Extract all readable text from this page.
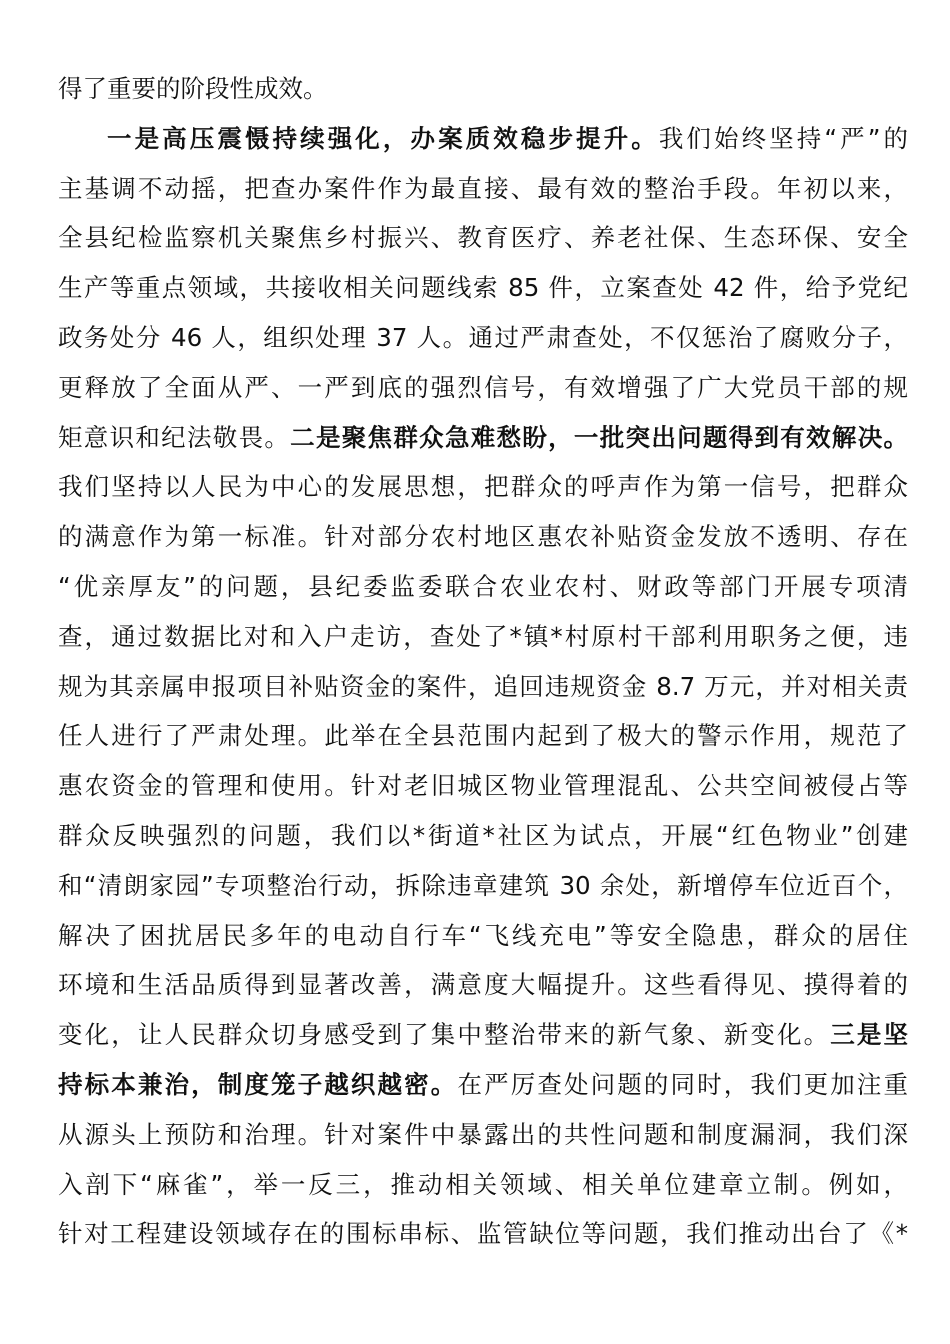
得了重要的阶段性成效。
一是高压震慑持续强化，办案质效稳步提升。我们始终坚持“严”的
主基调不动摇，把查办案件作为最直接、最有效的整治手段。年初以来，
全县纪检监察机关聚焦乡村振兴、教育医疗、养老社保、生态环保、安全
生产等重点领域，共接收相关问题线索 85 件，立案查处 42 件，给予党纪
政务处分 46 人，组织处理 37 人。通过严肃查处，不仅惩治了腐败分子，
更释放了全面从严、一严到底的强烈信号，有效增强了广大党员干部的规
矩意识和纪法敬畏。二是聚焦群众急难愁盼，一批突出问题得到有效解决。
我们坚持以人民为中心的发展思想，把群众的呼声作为第一信号，把群众
的满意作为第一标准。针对部分农村地区惠农补贴资金发放不透明、存在
“优亲厚友”的问题，县纪委监委联合农业农村、财政等部门开展专项清
查，通过数据比对和入户走访，查处了*镇*村原村干部利用职务之便，违
规为其亲属申报项目补贴资金的案件，追回违规资金 8.7 万元，并对相关责
任人进行了严肃处理。此举在全县范围内起到了极大的警示作用，规范了
惠农资金的管理和使用。针对老旧城区物业管理混乱、公共空间被侵占等
群众反映强烈的问题，我们以*街道*社区为试点，开展“红色物业”创建
和“清朗家园”专项整治行动，拆除违章建筑 30 余处，新增停车位近百个，
解决了困扰居民多年的电动自行车“飞线充电”等安全隐患，群众的居住
环境和生活品质得到显著改善，满意度大幅提升。这些看得见、摸得着的
变化，让人民群众切身感受到了集中整治带来的新气象、新变化。三是坚
持标本兼治，制度笼子越织越密。在严厉查处问题的同时，我们更加注重
从源头上预防和治理。针对案件中暴露出的共性问题和制度漏洞，我们深
入剖下“麻雀”，举一反三，推动相关领域、相关单位建章立制。例如，
针对工程建设领域存在的围标串标、监管缺位等问题，我们推动出台了《*
